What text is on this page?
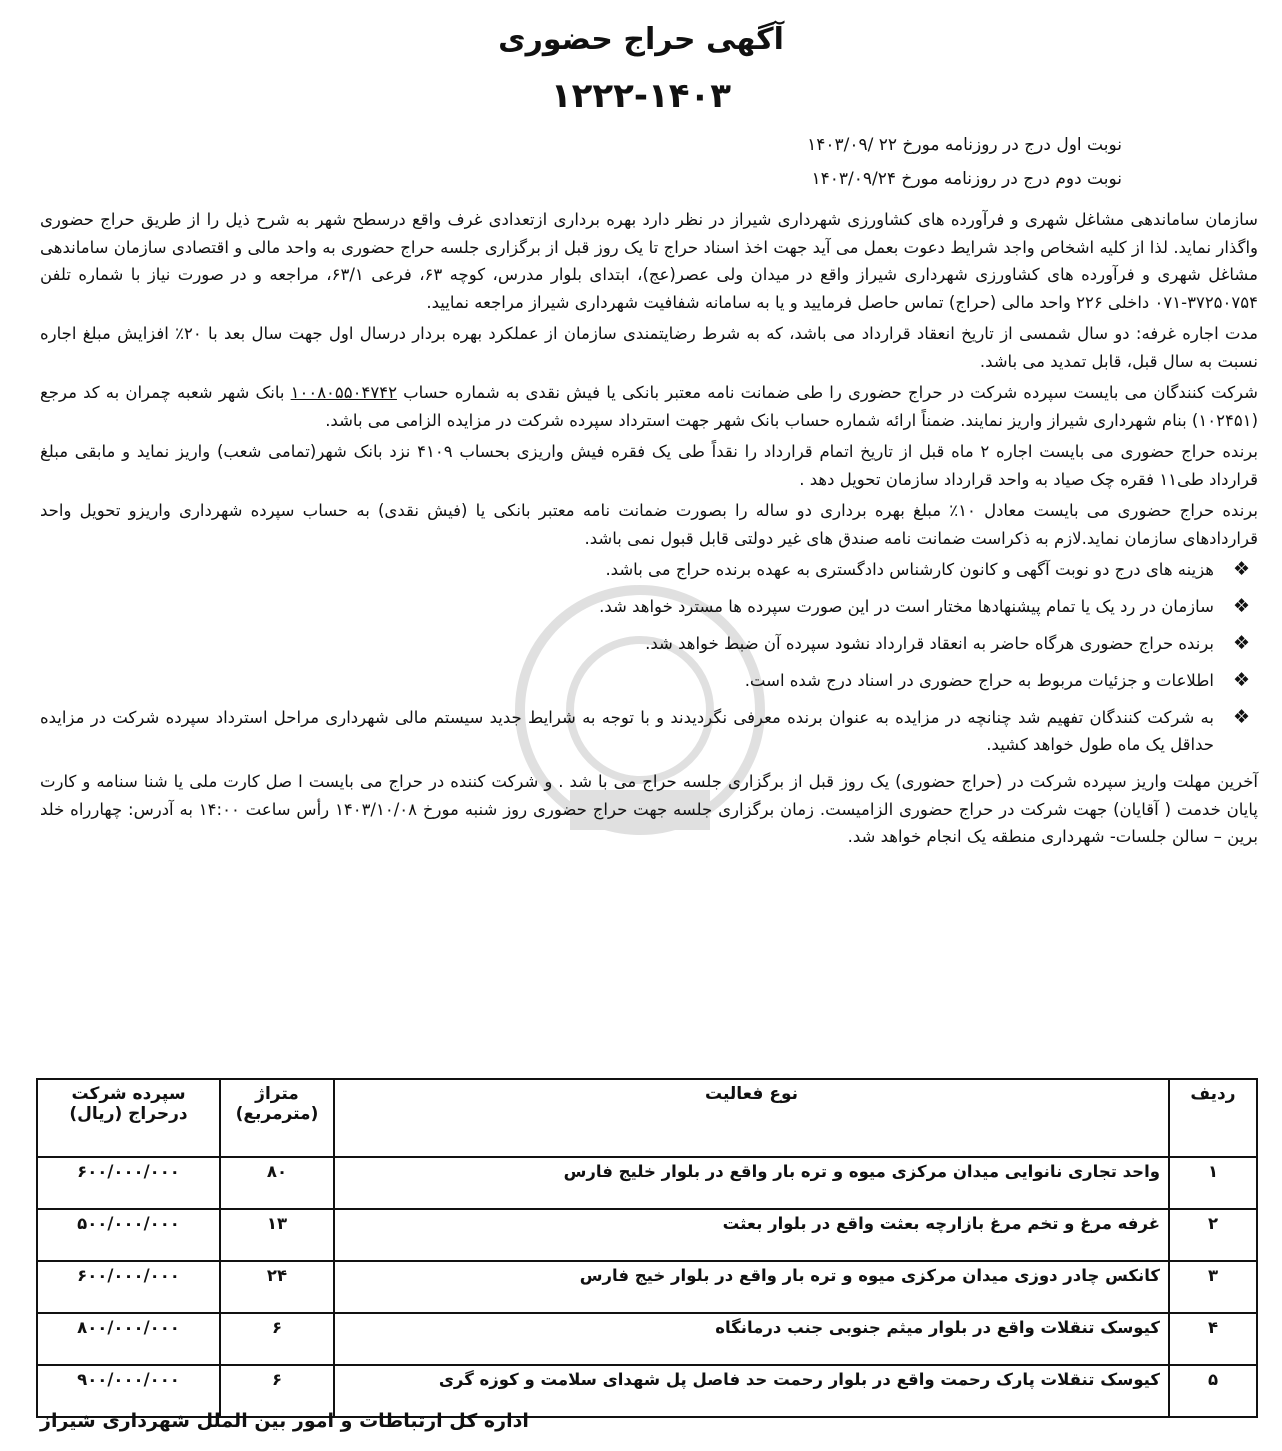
آگهی حراج حضوری
۱۲۲۲-۱۴۰۳
نوبت اول درج در روزنامه مورخ ۲۲ /۱۴۰۳/۰۹
نوبت دوم درج در روزنامه مورخ ۱۴۰۳/۰۹/۲۴

سازمان ساماندهی مشاغل شهری و فرآورده های کشاورزی شهرداری شیراز در نظر دارد بهره برداری ازتعدادی غرف واقع درسطح شهر به شرح ذیل را از طریق حراج حضوری واگذار نماید. لذا از کلیه اشخاص واجد شرایط دعوت بعمل می آید جهت اخذ اسناد حراج تا یک روز قبل از برگزاری جلسه حراج حضوری به واحد مالی و اقتصادی سازمان ساماندهی مشاغل شهری و فرآورده های کشاورزی شهرداری شیراز واقع در میدان ولی عصر(عج)، ابتدای بلوار مدرس، کوچه ۶۳، فرعی ۶۳/۱، مراجعه و در صورت نیاز با شماره تلفن ۳۷۲۵۰۷۵۴-۰۷۱ داخلی ۲۲۶ واحد مالی (حراج) تماس حاصل فرمایید و یا به سامانه شفافیت شهرداری شیراز مراجعه نمایید.

مدت اجاره غرفه: دو سال شمسی از تاریخ انعقاد قرارداد می باشد، که به شرط رضایتمندی سازمان از عملکرد بهره بردار درسال اول جهت سال بعد با ۲۰٪ افزایش مبلغ اجاره نسبت به سال قبل، قابل تمدید می باشد.

شرکت کنندگان می بایست سپرده شرکت در حراج حضوری را طی ضمانت نامه معتبر بانکی یا فیش نقدی به شماره حساب ۱۰۰۸۰۵۵۰۴۷۴۲ بانک شهر شعبه چمران به کد مرجع (۱۰۲۴۵۱) بنام شهرداری شیراز واریز نمایند. ضمناً ارائه شماره حساب بانک شهر جهت استرداد سپرده شرکت در مزایده الزامی می باشد.

برنده حراج حضوری می بایست اجاره ۲ ماه قبل از تاریخ اتمام قرارداد را نقداً طی یک فقره فیش واریزی بحساب ۴۱۰۹ نزد بانک شهر(تمامی شعب) واریز نماید و مابقی مبلغ قرارداد طی۱۱ فقره چک صیاد به واحد قرارداد سازمان تحویل دهد .

برنده حراج حضوری می بایست معادل ۱۰٪ مبلغ بهره برداری دو ساله را بصورت ضمانت نامه معتبر بانکی یا (فیش نقدی) به حساب سپرده شهرداری واریزو تحویل واحد قراردادهای سازمان نماید.لازم به ذکراست ضمانت نامه صندق های غیر دولتی قابل قبول نمی باشد.

❖
هزینه های درج دو نوبت آگهی و کانون کارشناس دادگستری به عهده برنده حراج می باشد.
❖
سازمان در رد یک یا تمام پیشنهادها مختار است در این صورت سپرده ها مسترد خواهد شد.
❖
برنده حراج حضوری هرگاه حاضر به انعقاد قرارداد نشود سپرده آن ضبط خواهد شد.
❖
اطلاعات و جزئیات مربوط به حراج حضوری در اسناد درج شده است.
❖
به شرکت کنندگان تفهیم شد چنانچه در مزایده به عنوان برنده معرفی نگردیدند و با توجه به شرایط جدید سیستم مالی شهرداری مراحل استرداد سپرده شرکت در مزایده حداقل یک ماه طول خواهد کشید.

آخرین مهلت واریز سپرده شرکت در (حراج حضوری) یک روز قبل از برگزاری جلسه حراج می با شد . و شرکت کننده در حراج می بایست ا صل کارت ملی یا شنا سنامه و کارت پایان خدمت ( آقایان) جهت شرکت در حراج حضوری الزامیست. زمان برگزاری جلسه جهت حراج حضوری روز شنبه مورخ ۱۴۰۳/۱۰/۰۸ رأس ساعت ۱۴:۰۰ به آدرس: چهارراه خلد برین – سالن جلسات- شهرداری منطقه یک انجام خواهد شد.

ردیف	نوع فعالیت	متراژ (مترمربع)	سپرده شرکت درحراج (ریال)
۱	واحد تجاری نانوایی میدان مرکزی میوه و تره بار واقع در بلوار خلیج فارس	۸۰	۶۰۰/۰۰۰/۰۰۰
۲	غرفه مرغ و تخم مرغ بازارچه بعثت واقع در بلوار بعثت	۱۳	۵۰۰/۰۰۰/۰۰۰
۳	کانکس چادر دوزی میدان مرکزی میوه و تره بار واقع در بلوار خیج فارس	۲۴	۶۰۰/۰۰۰/۰۰۰
۴	کیوسک تنقلات واقع در بلوار میثم جنوبی جنب درمانگاه	۶	۸۰۰/۰۰۰/۰۰۰
۵	کیوسک تنقلات پارک رحمت واقع در بلوار رحمت حد فاصل پل شهدای سلامت و کوزه گری	۶	۹۰۰/۰۰۰/۰۰۰

اداره کل ارتباطات و امور بین الملل شهرداری شیراز
